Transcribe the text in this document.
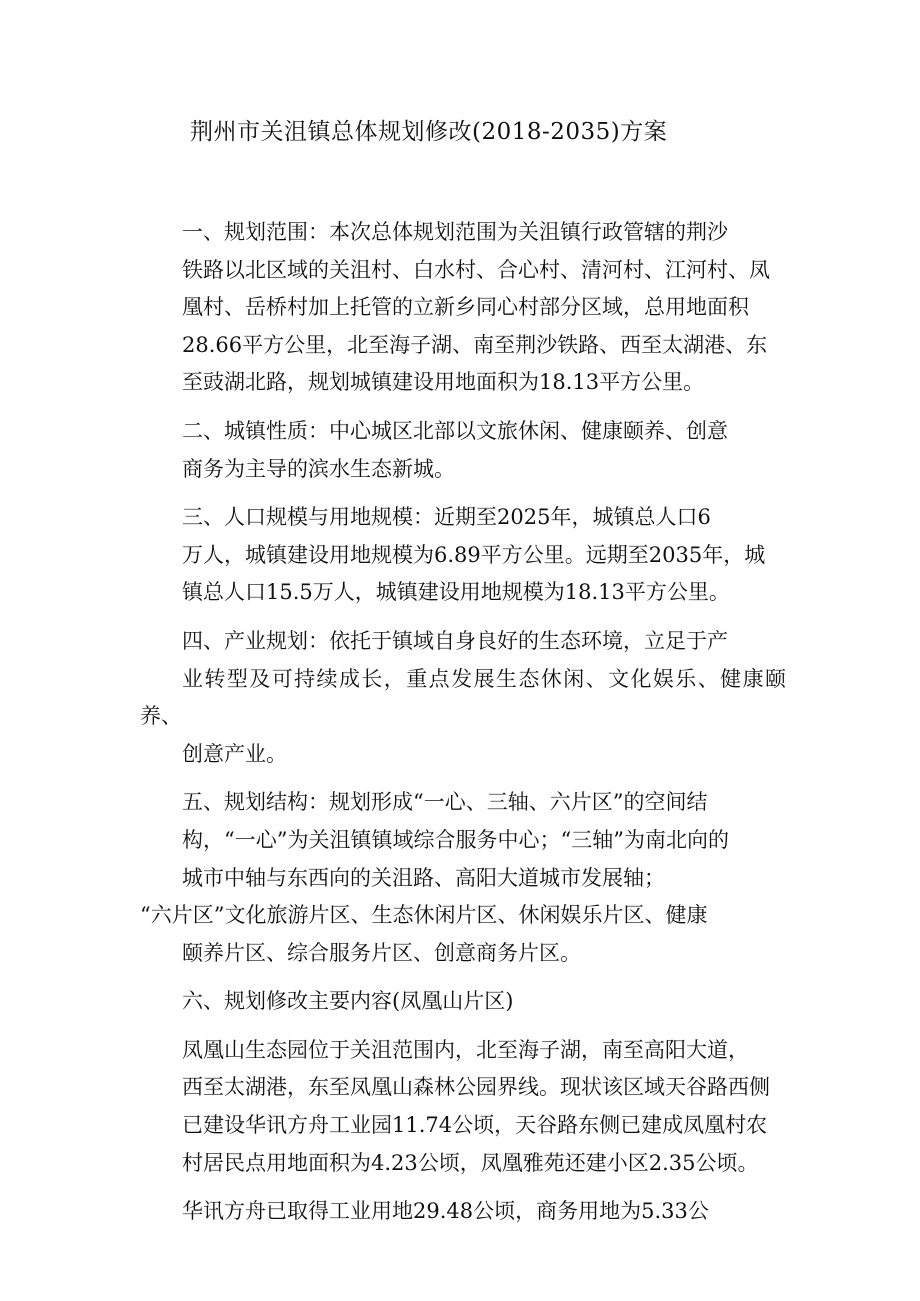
荆州市关沮镇总体规划修改(2018-2035)方案

一、规划范围：本次总体规划范围为关沮镇行政管辖的荆沙
铁路以北区域的关沮村、白水村、合心村、清河村、江河村、凤
凰村、岳桥村加上托管的立新乡同心村部分区域，总用地面积
28.66平方公里，北至海子湖、南至荆沙铁路、西至太湖港、东
至豉湖北路，规划城镇建设用地面积为18.13平方公里。

二、城镇性质：中心城区北部以文旅休闲、健康颐养、创意
商务为主导的滨水生态新城。

三、人口规模与用地规模：近期至2025年，城镇总人口6
万人，城镇建设用地规模为6.89平方公里。远期至2035年，城
镇总人口15.5万人，城镇建设用地规模为18.13平方公里。

四、产业规划：依托于镇域自身良好的生态环境，立足于产
业转型及可持续成长，重点发展生态休闲、文化娱乐、健康颐养、
创意产业。

五、规划结构：规划形成“一心、三轴、六片区”的空间结
构，“一心”为关沮镇镇域综合服务中心；“三轴”为南北向的
城市中轴与东西向的关沮路、高阳大道城市发展轴；
“六片区”文化旅游片区、生态休闲片区、休闲娱乐片区、健康
颐养片区、综合服务片区、创意商务片区。

六、规划修改主要内容(凤凰山片区)

凤凰山生态园位于关沮范围内，北至海子湖，南至高阳大道，
西至太湖港，东至凤凰山森林公园界线。现状该区域天谷路西侧
已建设华讯方舟工业园11.74公顷，天谷路东侧已建成凤凰村农
村居民点用地面积为4.23公顷，凤凰雅苑还建小区2.35公顷。

华讯方舟已取得工业用地29.48公顷，商务用地为5.33公
